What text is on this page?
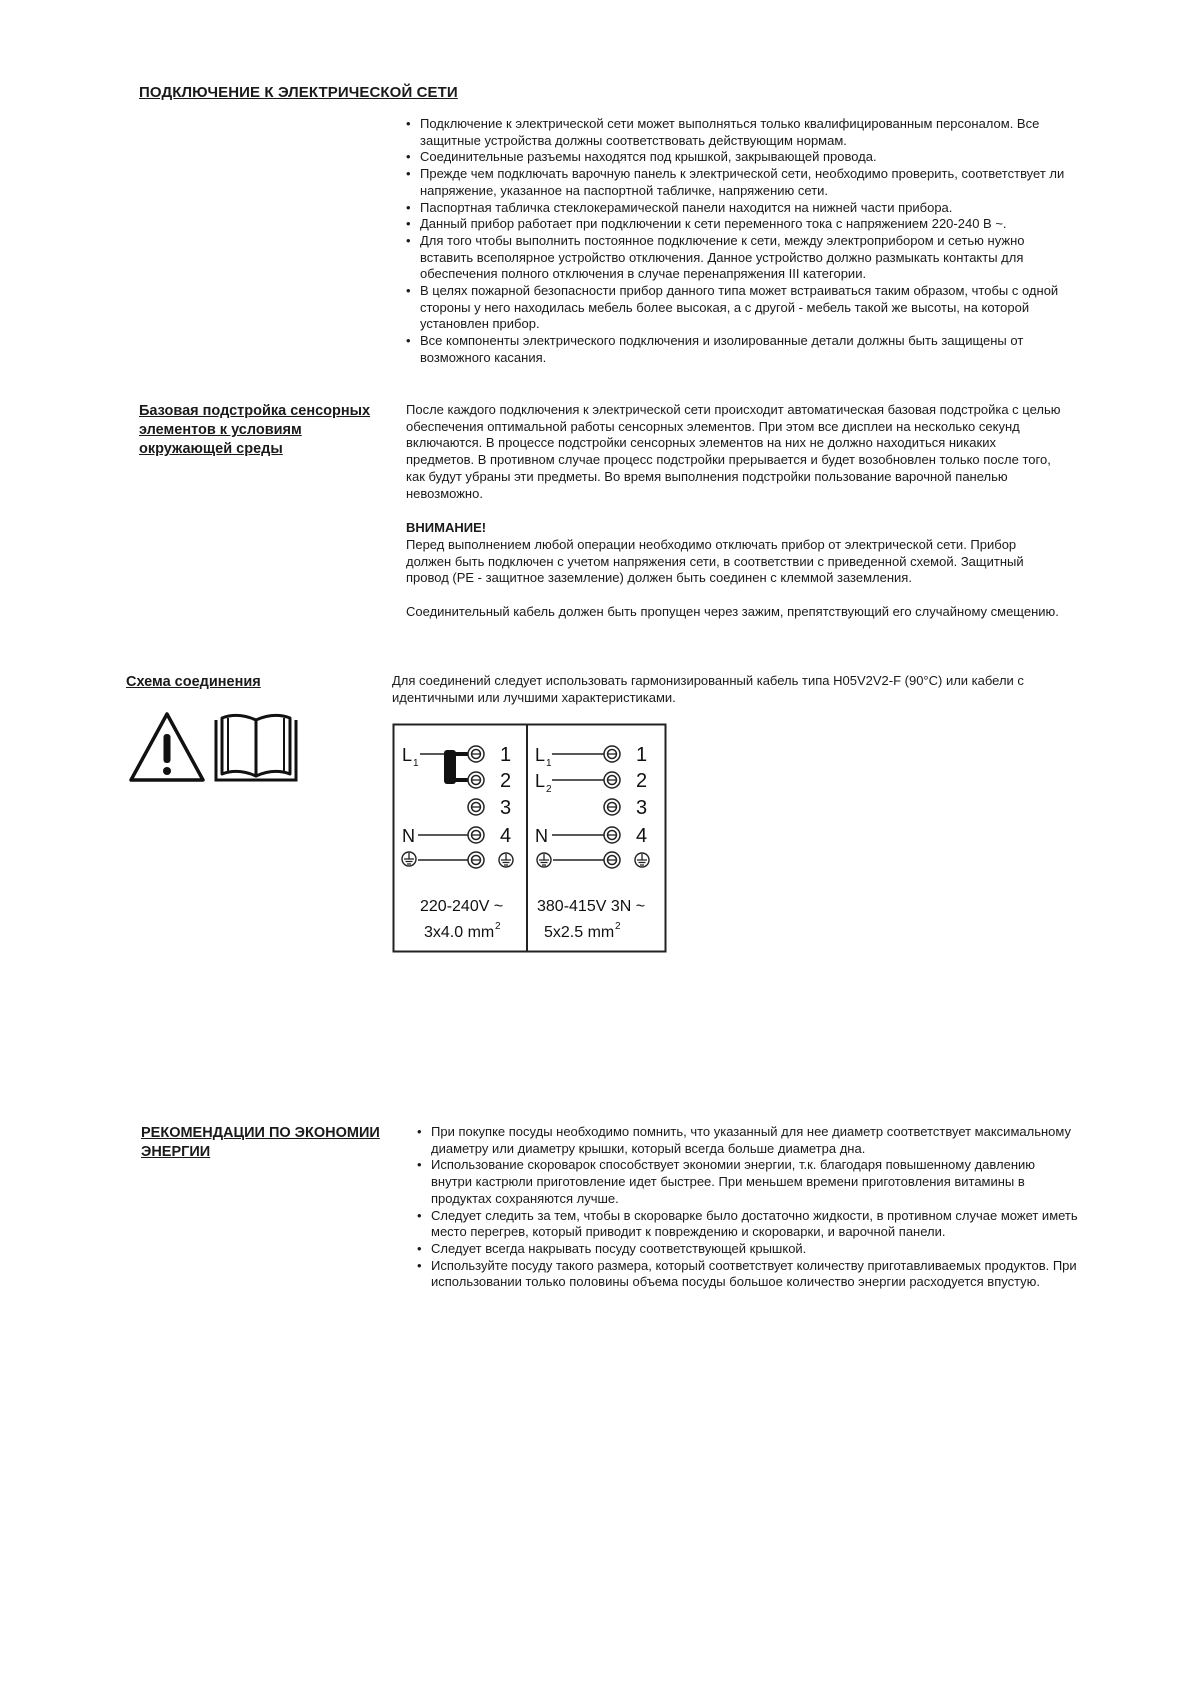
ПОДКЛЮЧЕНИЕ К ЭЛЕКТРИЧЕСКОЙ СЕТИ
• Подключение к электрической сети может выполняться только квалифицированным персоналом. Все защитные устройства должны соответствовать действующим нормам.
• Соединительные разъемы находятся под крышкой, закрывающей провода.
• Прежде чем подключать варочную панель к электрической сети, необходимо проверить, соответствует ли напряжение, указанное на паспортной табличке, напряжению сети.
• Паспортная табличка стеклокерамической панели находится на нижней части прибора.
• Данный прибор работает при подключении к сети переменного тока с напряжением 220-240 В ~.
• Для того чтобы выполнить постоянное подключение к сети, между электроприбором и сетью нужно вставить всеполярное устройство отключения. Данное устройство должно размыкать контакты для обеспечения полного отключения в случае перенапряжения III категории.
• В целях пожарной безопасности прибор данного типа может встраиваться таким образом, чтобы с одной стороны у него находилась мебель более высокая, а с другой - мебель такой же высоты, на которой установлен прибор.
• Все компоненты электрического подключения и изолированные детали должны быть защищены от возможного касания.
Базовая подстройка сенсорных элементов к условиям окружающей среды
После каждого подключения к электрической сети происходит автоматическая базовая подстройка с целью обеспечения оптимальной работы сенсорных элементов. При этом все дисплеи на несколько секунд включаются. В процессе подстройки сенсорных элементов на них не должно находиться никаких предметов. В противном случае процесс подстройки прерывается и будет возобновлен только после того, как будут убраны эти предметы. Во время выполнения подстройки пользование варочной панелью невозможно.
ВНИМАНИЕ!
Перед выполнением любой операции необходимо отключать прибор от электрической сети. Прибор должен быть подключен с учетом напряжения сети, в соответствии с приведенной схемой. Защитный провод (PE - защитное заземление) должен быть соединен с клеммой заземления.
Соединительный кабель должен быть пропущен через зажим, препятствующий его случайному смещению.
Схема соединения	Для соединений следует использовать гармонизированный кабель типа H05V2V2-F (90°C) или кабели с идентичными или лучшими характеристиками.
L 1
N
1
2
3
4
220-240V ~
3x4.0 mm 2
L 1
L 2
N
1
2
3
4
380-415V 3N ~
5x2.5 mm 2
РЕКОМЕНДАЦИИ ПО ЭКОНОМИИ ЭНЕРГИИ
• При покупке посуды необходимо помнить, что указанный для нее диаметр соответствует максимальному диаметру или диаметру крышки, который всегда больше диаметра дна.
• Использование скороварок способствует экономии энергии, т.к. благодаря повышенному давлению внутри кастрюли приготовление идет быстрее. При меньшем времени приготовления витамины в продуктах сохраняются лучше.
• Следует следить за тем, чтобы в скороварке было достаточно жидкости, в противном случае может иметь место перегрев, который приводит к повреждению и скороварки, и варочной панели.
• Следует всегда накрывать посуду соответствующей крышкой.
• Используйте посуду такого размера, который соответствует количеству приготавливаемых продуктов. При использовании только половины объема посуды большое количество энергии расходуется впустую.
